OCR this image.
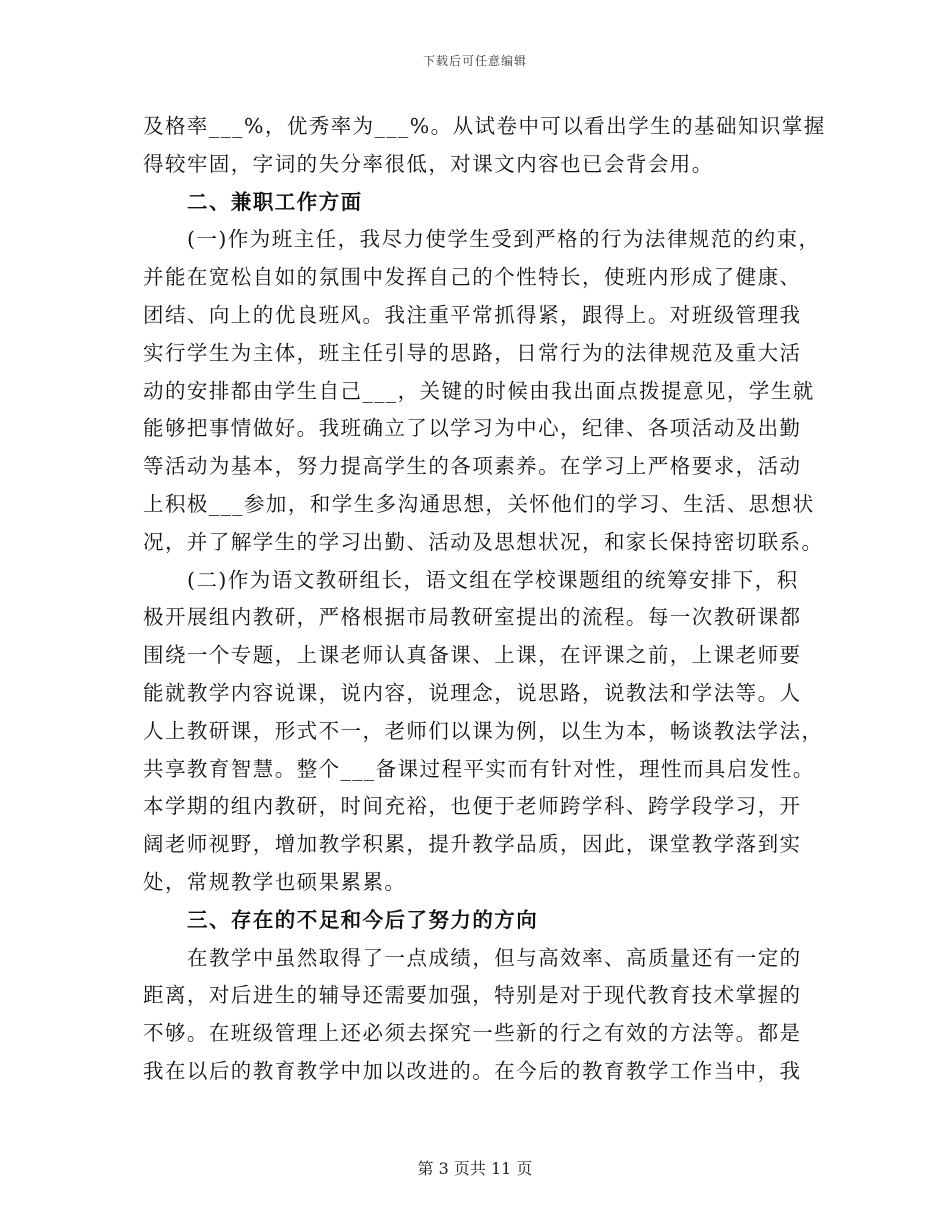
下载后可任意编辑
及格率___%，优秀率为___%。从试卷中可以看出学生的基础知识掌握
得较牢固，字词的失分率很低，对课文内容也已会背会用。
二、兼职工作方面
(一)作为班主任，我尽力使学生受到严格的行为法律规范的约束，
并能在宽松自如的氛围中发挥自己的个性特长，使班内形成了健康、
团结、向上的优良班风。我注重平常抓得紧，跟得上。对班级管理我
实行学生为主体，班主任引导的思路，日常行为的法律规范及重大活
动的安排都由学生自己___，关键的时候由我出面点拨提意见，学生就
能够把事情做好。我班确立了以学习为中心，纪律、各项活动及出勤
等活动为基本，努力提高学生的各项素养。在学习上严格要求，活动
上积极___参加，和学生多沟通思想，关怀他们的学习、生活、思想状
况，并了解学生的学习出勤、活动及思想状况，和家长保持密切联系。
(二)作为语文教研组长，语文组在学校课题组的统筹安排下，积
极开展组内教研，严格根据市局教研室提出的流程。每一次教研课都
围绕一个专题，上课老师认真备课、上课，在评课之前，上课老师要
能就教学内容说课，说内容，说理念，说思路，说教法和学法等。人
人上教研课，形式不一，老师们以课为例，以生为本，畅谈教法学法，
共享教育智慧。整个___备课过程平实而有针对性，理性而具启发性。
本学期的组内教研，时间充裕，也便于老师跨学科、跨学段学习，开
阔老师视野，增加教学积累，提升教学品质，因此，课堂教学落到实
处，常规教学也硕果累累。
三、存在的不足和今后了努力的方向
在教学中虽然取得了一点成绩，但与高效率、高质量还有一定的
距离，对后进生的辅导还需要加强，特别是对于现代教育技术掌握的
不够。在班级管理上还必须去探究一些新的行之有效的方法等。都是
我在以后的教育教学中加以改进的。在今后的教育教学工作当中，我
第 3 页共 11 页
